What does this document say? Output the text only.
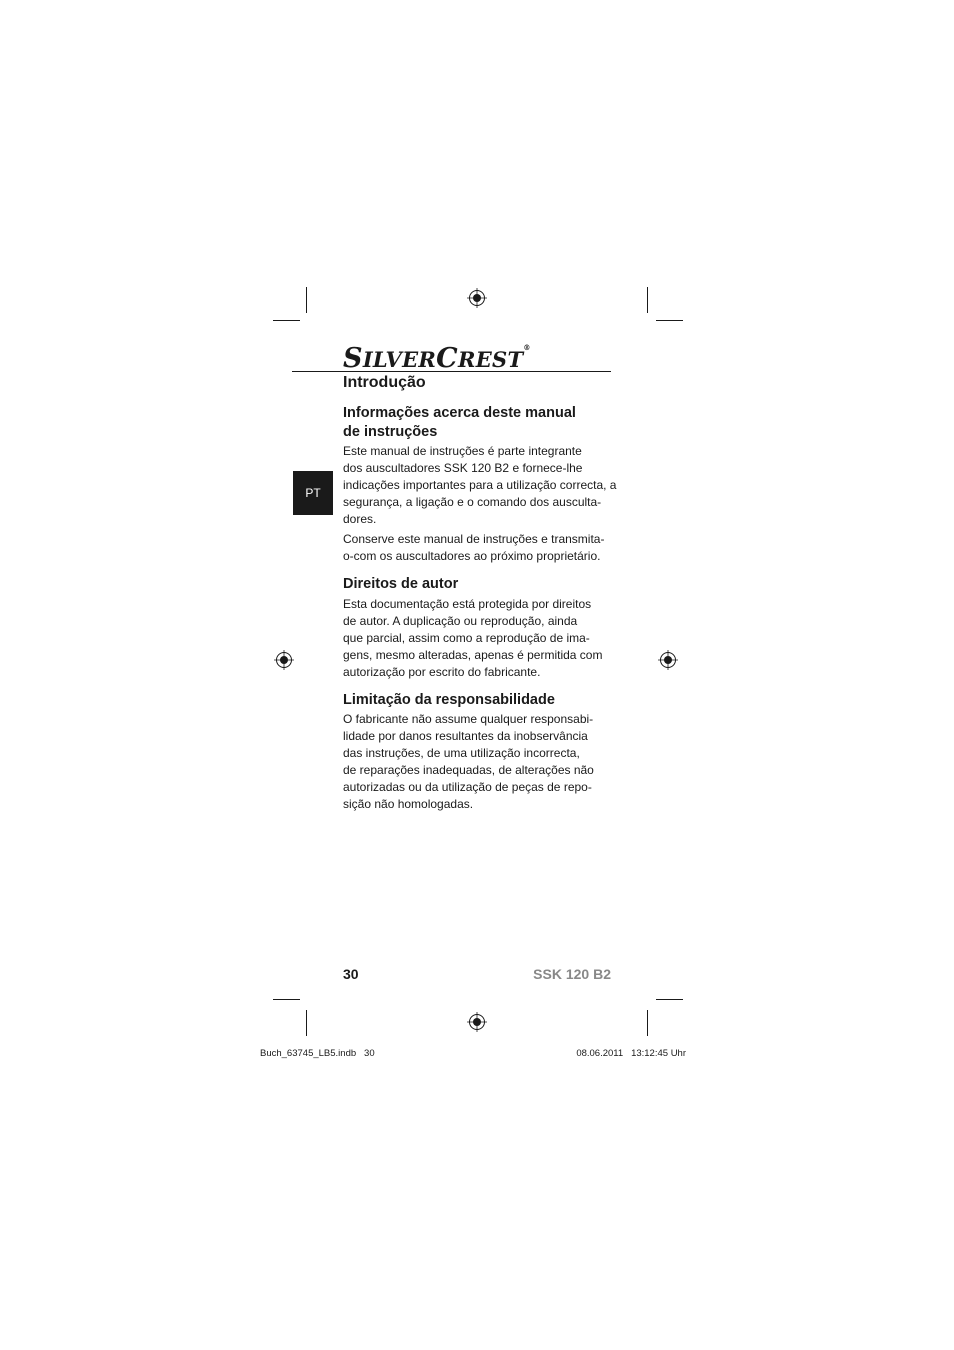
SILVERCREST®
PT
Introdução
Informações acerca deste manual
de instruções
Este manual de instruções é parte integrante
dos auscultadores SSK 120 B2 e fornece-lhe
indicações importantes para a utilização correcta, a
segurança, a ligação e o comando dos ausculta-
dores.
Conserve este manual de instruções e transmita-
o-com os auscultadores ao próximo proprietário.
Direitos de autor
Esta documentação está protegida por direitos
de autor. A duplicação ou reprodução, ainda
que parcial, assim como a reprodução de ima-
gens, mesmo alteradas, apenas é permitida com
autorização por escrito do fabricante.
Limitação da responsabilidade
O fabricante não assume qualquer responsabi-
lidade por danos resultantes da inobservância
das instruções, de uma utilização incorrecta,
de reparações inadequadas, de alterações não
autorizadas ou da utilização de peças de repo-
sição não homologadas.
30	SSK 120 B2
Buch_63745_LB5.indb   30	08.06.2011   13:12:45 Uhr
